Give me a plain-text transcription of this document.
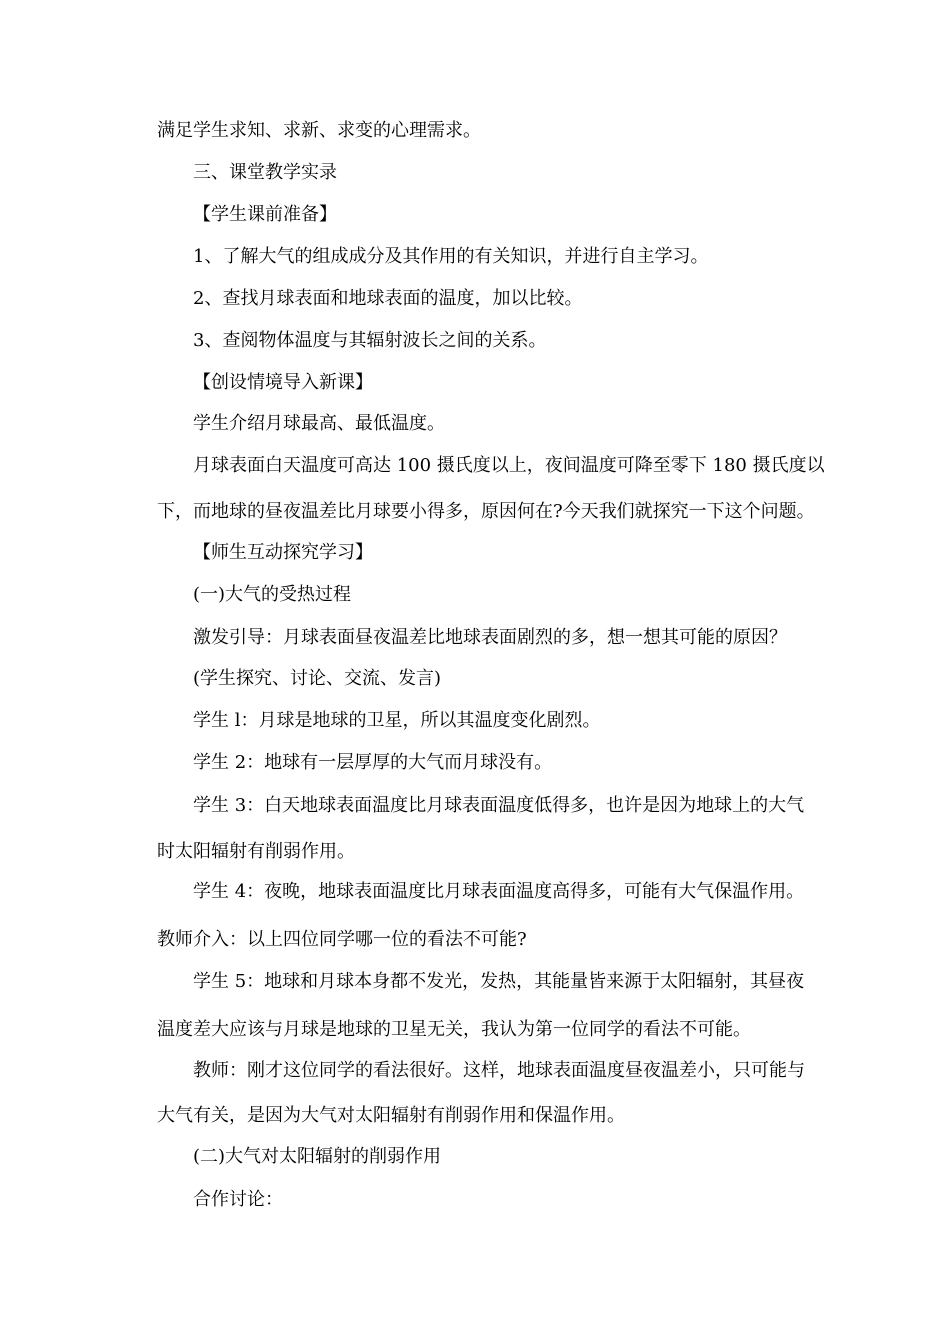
满足学生求知、求新、求变的心理需求。
三、课堂教学实录
【学生课前准备】
1、了解大气的组成成分及其作用的有关知识，并进行自主学习。
2、查找月球表面和地球表面的温度，加以比较。
3、查阅物体温度与其辐射波长之间的关系。
【创设情境导入新课】
学生介绍月球最高、最低温度。
月球表面白天温度可高达 100 摄氏度以上，夜间温度可降至零下 180 摄氏度以
下，而地球的昼夜温差比月球要小得多，原因何在?今天我们就探究一下这个问题。
【师生互动探究学习】
(一)大气的受热过程
激发引导：月球表面昼夜温差比地球表面剧烈的多，想一想其可能的原因？
(学生探究、讨论、交流、发言)
学生 l：月球是地球的卫星，所以其温度变化剧烈。
学生 2：地球有一层厚厚的大气而月球没有。
学生 3：白天地球表面温度比月球表面温度低得多，也许是因为地球上的大气
时太阳辐射有削弱作用。
学生 4：夜晚，地球表面温度比月球表面温度高得多，可能有大气保温作用。
教师介入：以上四位同学哪一位的看法不可能?
学生 5：地球和月球本身都不发光，发热，其能量皆来源于太阳辐射，其昼夜
温度差大应该与月球是地球的卫星无关，我认为第一位同学的看法不可能。
教师：刚才这位同学的看法很好。这样，地球表面温度昼夜温差小，只可能与
大气有关，是因为大气对太阳辐射有削弱作用和保温作用。
(二)大气对太阳辐射的削弱作用
合作讨论：
